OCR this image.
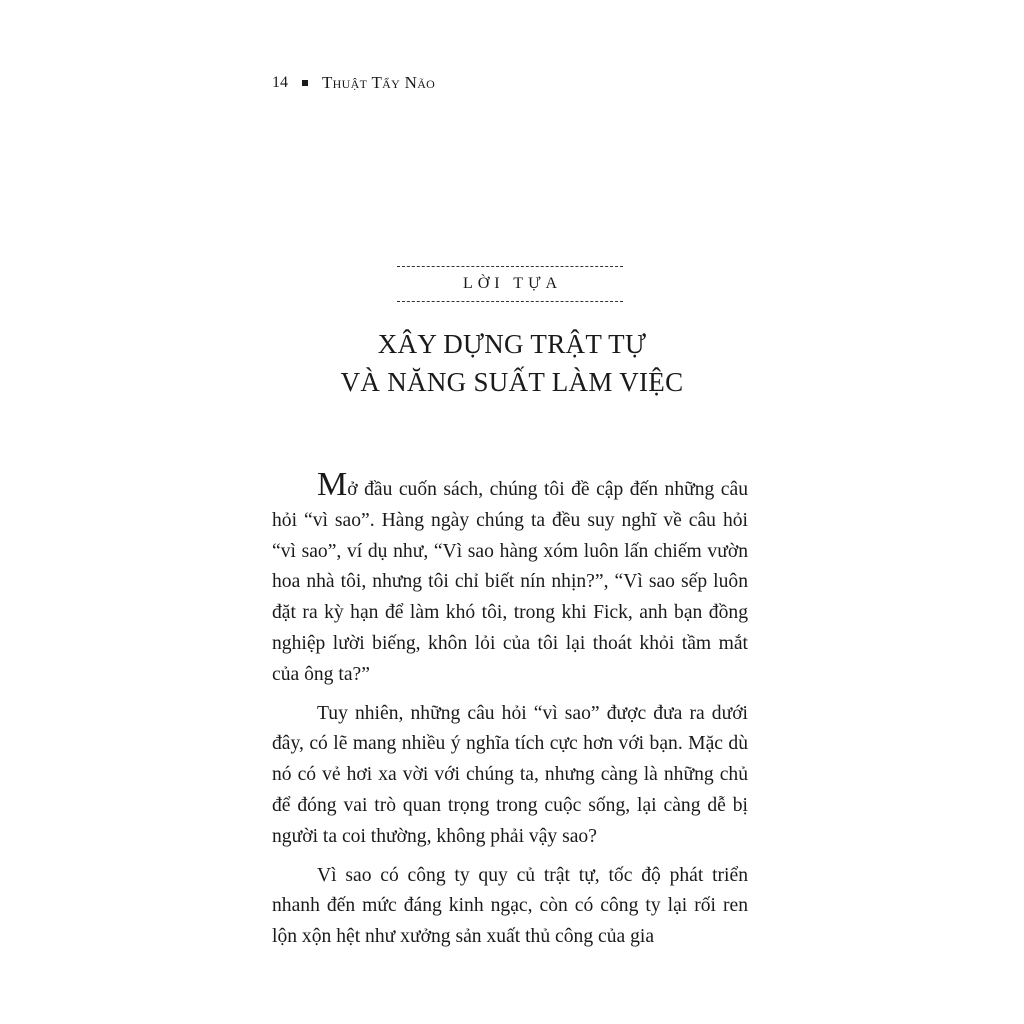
14 Thuật Tẩy Não
LỜI TỰA
XÂY DỰNG TRẬT TỰ
VÀ NĂNG SUẤT LÀM VIỆC

Mở đầu cuốn sách, chúng tôi đề cập đến những câu hỏi “vì sao”. Hàng ngày chúng ta đều suy nghĩ về câu hỏi “vì sao”, ví dụ như, “Vì sao hàng xóm luôn lấn chiếm vườn hoa nhà tôi, nhưng tôi chỉ biết nín nhịn?”, “Vì sao sếp luôn đặt ra kỳ hạn để làm khó tôi, trong khi Fick, anh bạn đồng nghiệp lười biếng, khôn lỏi của tôi lại thoát khỏi tầm mắt của ông ta?”

Tuy nhiên, những câu hỏi “vì sao” được đưa ra dưới đây, có lẽ mang nhiều ý nghĩa tích cực hơn với bạn. Mặc dù nó có vẻ hơi xa vời với chúng ta, nhưng càng là những chủ để đóng vai trò quan trọng trong cuộc sống, lại càng dễ bị người ta coi thường, không phải vậy sao?

Vì sao có công ty quy củ trật tự, tốc độ phát triển nhanh đến mức đáng kinh ngạc, còn có công ty lại rối ren lộn xộn hệt như xưởng sản xuất thủ công của gia
